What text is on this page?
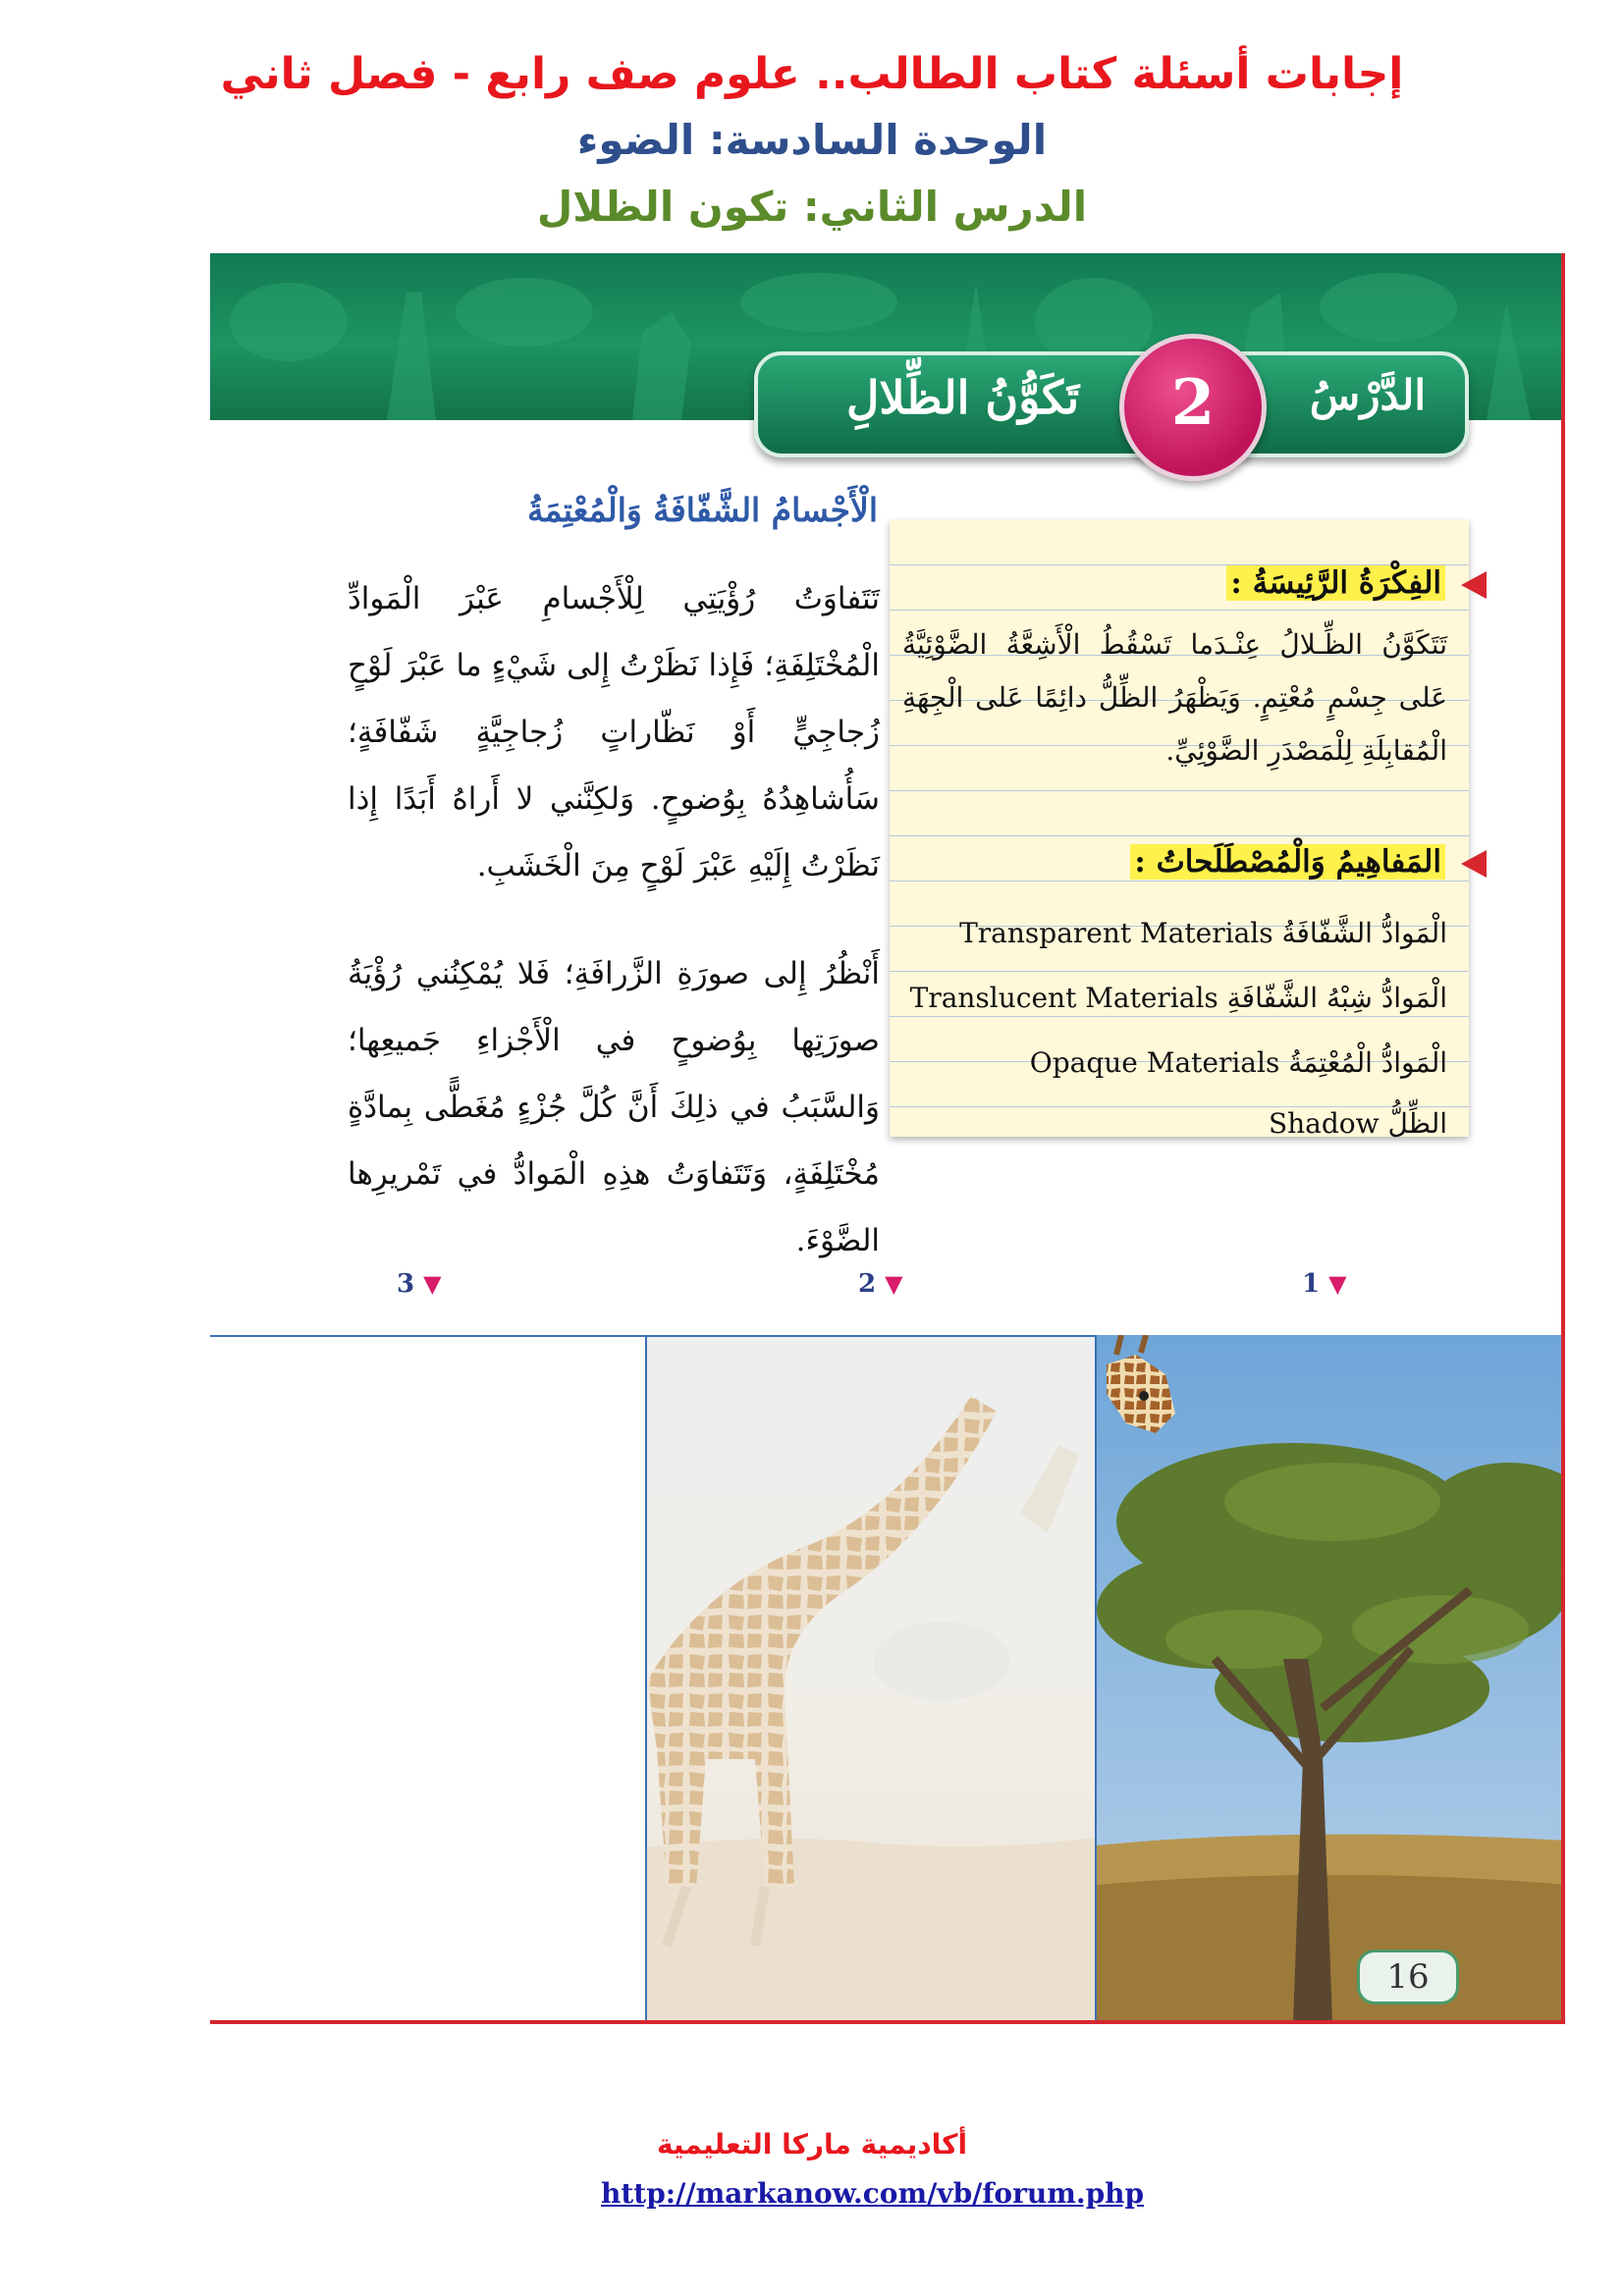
إجابات أسئلة كتاب الطالب.. علوم صف رابع - فصل ثاني
الوحدة السادسة: الضوء
الدرس الثاني: تكون الظلال
الدَّرْسُ
تَكَوُّنُ الظِّلالِ	2
الفِكْرَةُ الرَّئِيسَةُ :
تَتَكَوَّنُ الظِّـلالُ عِنْـدَما تَسْقُطُ الْأَشِعَّةُ الضَّوْئِيَّةُ عَلى جِسْمٍ مُعْتِمٍ. وَيَظْهَرُ الظِّلُّ دائِمًا عَلى الْجِهَةِ الْمُقابِلَةِ لِلْمَصْدَرِ الضَّوْئِيِّ.
المَفاهِيمُ وَالْمُصْطَلَحاتُ :
الْمَوادُّ الشَّفّافَةُ Transparent Materials
الْمَوادُّ شِبْهُ الشَّفّافَةِ Translucent Materials
الْمَوادُّ الْمُعْتِمَةُ Opaque Materials
الظِّلُّ Shadow
الْأَجْسامُ الشَّفّافَةُ وَالْمُعْتِمَةُ
تَتَفاوَتُ رُؤْيَتِي لِلْأَجْسامِ عَبْرَ الْمَوادِّ الْمُخْتَلِفَةِ؛ فَإِذا نَظَرْتُ إِلى شَيْءٍ ما عَبْرَ لَوْحٍ زُجاجِيٍّ أَوْ نَظّاراتٍ زُجاجِيَّةٍ شَفّافَةٍ؛ سَأُشاهِدُهُ بِوُضوحٍ. وَلكِنَّني لا أَراهُ أَبَدًا إِذا نَظَرْتُ إِلَيْهِ عَبْرَ لَوْحٍ مِنَ الْخَشَبِ.
أَنْظُرُ إِلى صورَةِ الزَّرافَةِ؛ فَلا يُمْكِنُني رُؤْيَةُ صورَتِها بِوُضوحٍ في الْأَجْزاءِ جَميعِها؛ وَالسَّبَبُ في ذلِكَ أَنَّ كُلَّ جُزْءٍ مُغَطًّى بِمادَّةٍ مُخْتَلِفَةٍ، وَتَتَفاوَتُ هذِهِ الْمَوادُّ في تَمْريرِها الضَّوْءَ.
1 ▼
2 ▼
3 ▼
16
أكاديمية ماركا التعليمية
http://markanow.com/vb/forum.php
